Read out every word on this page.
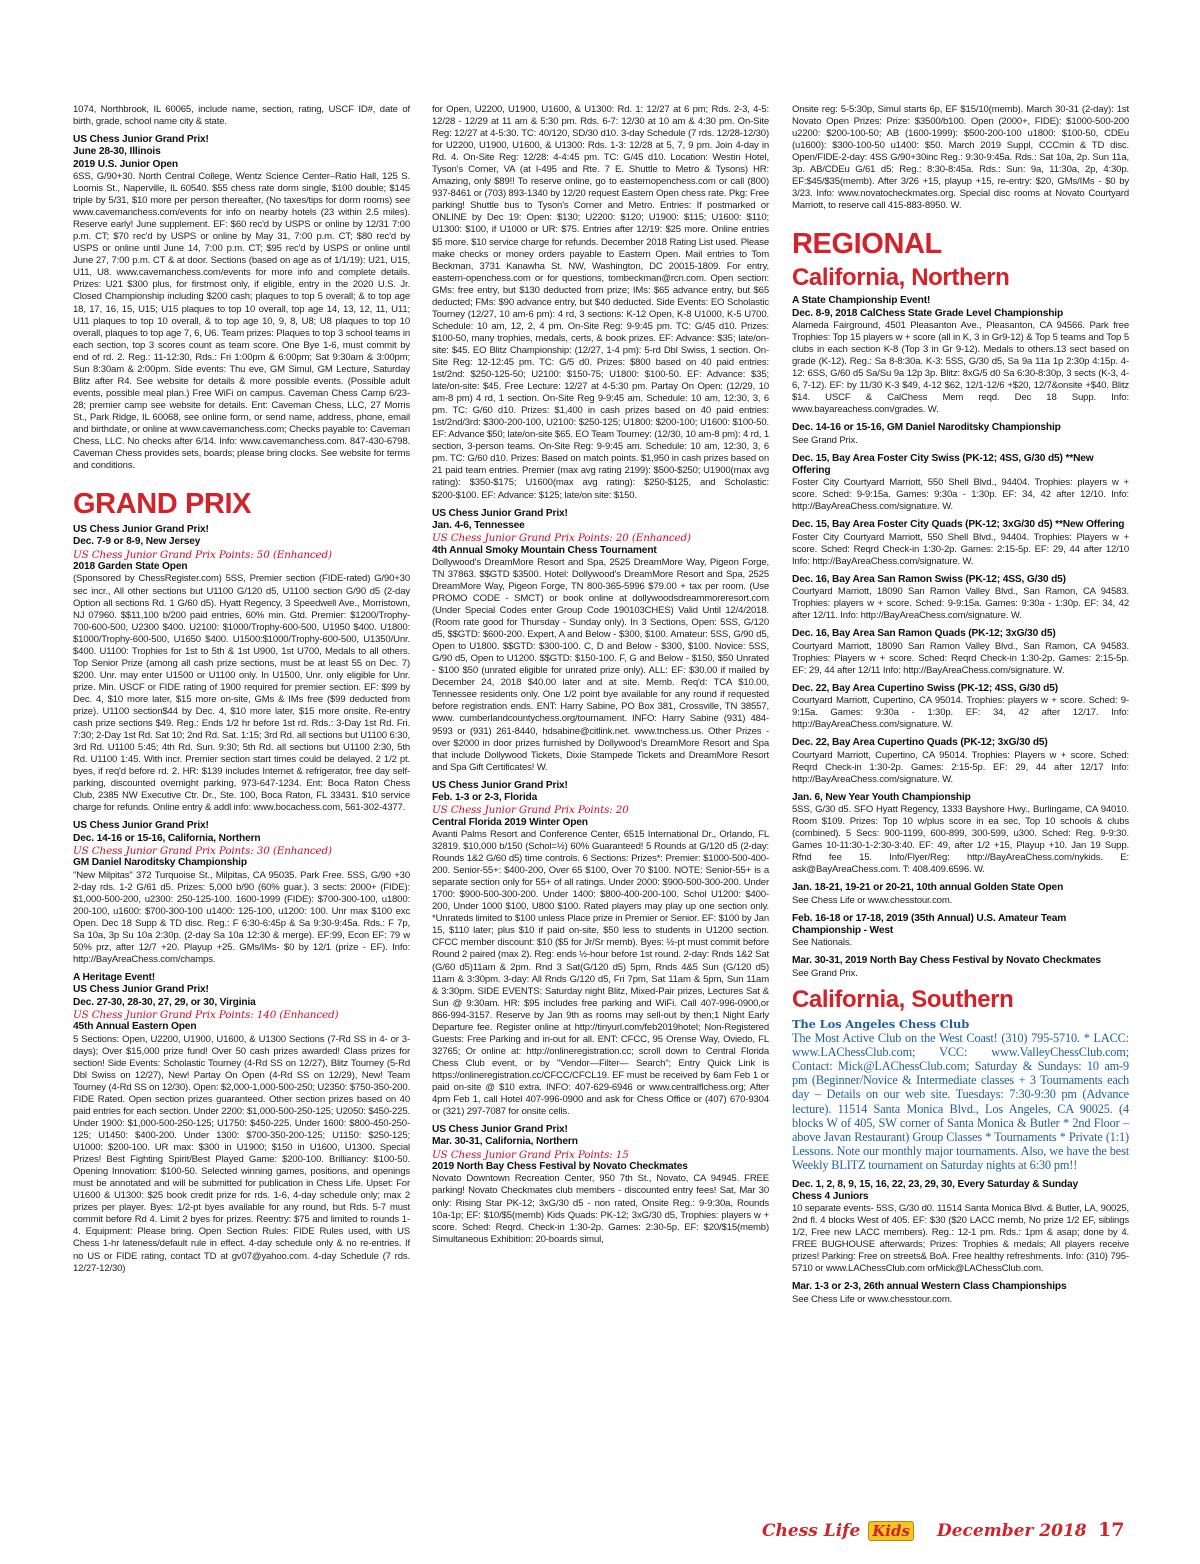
1074, Northbrook, IL 60065, include name, section, rating, USCF ID#, date of birth, grade, school name city & state.

US Chess Junior Grand Prix!
June 28-30, Illinois
2019 U.S. Junior Open

6SS, G/90+30. North Central College, Wentz Science Center–Ratio Hall, 125 S. Loomis St., Naperville, IL 60540. $55 chess rate dorm single, $100 double; $145 triple by 5/31, $10 more per person thereafter, (No taxes/tips for dorm rooms) see www.cavemanchess.com/events for info on nearby hotels (23 within 2.5 miles). Reserve early! June supplement. EF: $60 rec'd by USPS or online by 12/31 7:00 p.m. CT; $70 rec'd by USPS or online by May 31, 7:00 p.m. CT; $80 rec'd by USPS or online until June 14, 7:00 p.m. CT; $95 rec'd by USPS or online until June 27, 7:00 p.m. CT & at door. Sections (based on age as of 1/1/19): U21, U15, U11, U8. www.cavemanchess.com/events for more info and complete details. Prizes: U21 $300 plus, for firstmost only, if eligible, entry in the 2020 U.S. Jr. Closed Championship including $200 cash; plaques to top 5 overall; & to top age 18, 17, 16, 15, U15; U15 plaques to top 10 overall, top age 14, 13, 12, 11, U11; U11 plaques to top 10 overall, & to top age 10, 9, 8, U8; U8 plaques to top 10 overall, plaques to top age 7, 6, U6. Team prizes: Plaques to top 3 school teams in each section, top 3 scores count as team score. One Bye 1-6, must commit by end of rd. 2. Reg.: 11-12:30, Rds.: Fri 1:00pm & 6:00pm; Sat 9:30am & 3:00pm; Sun 8:30am & 2:00pm. Side events: Thu eve, GM Simul, GM Lecture, Saturday Blitz after R4. See website for details & more possible events. (Possible adult events, possible meal plan.) Free WiFi on campus. Caveman Chess Camp 6/23-28; premier camp see website for details. Ent: Caveman Chess, LLC, 27 Morris St., Park Ridge, IL 60068, see online form, or send name, address, phone, email and birthdate, or online at www.cavemanchess.com; Checks payable to: Caveman Chess, LLC. No checks after 6/14. Info: www.cavemanchess.com. 847-430-6798. Caveman Chess provides sets, boards; please bring clocks. See website for terms and conditions.

GRAND PRIX
US Chess Junior Grand Prix!
Dec. 7-9 or 8-9, New Jersey
US Chess Junior Grand Prix Points: 50 (Enhanced)
2018 Garden State Open

(Sponsored by ChessRegister.com) 5SS, Premier section (FIDE-rated) G/90+30 sec incr., All other sections but U1100 G/120 d5, U1100 section G/90 d5 (2-day Option all sections Rd. 1 G/60 d5). Hyatt Regency, 3 Speedwell Ave., Morristown, NJ 07960. $$11,100 b/200 paid entries, 60% min. Gtd. Premier: $1200/Trophy-700-600-500, U2300 $400. U2100: $1000/Trophy-600-500, U1950 $400. U1800: $1000/Trophy-600-500, U1650 $400. U1500:$1000/Trophy-600-500, U1350/Unr. $400. U1100: Trophies for 1st to 5th & 1st U900, 1st U700, Medals to all others. Top Senior Prize (among all cash prize sections, must be at least 55 on Dec. 7) $200. Unr. may enter U1500 or U1100 only. In U1500, Unr. only eligible for Unr. prize. Min. USCF or FIDE rating of 1900 required for premier section. EF: $99 by Dec. 4, $10 more later, $15 more on-site, GMs & IMs free ($99 deducted from prize). U1100 section$44 by Dec. 4, $10 more later, $15 more onsite. Re-entry cash prize sections $49. Reg.: Ends 1/2 hr before 1st rd. Rds.: 3-Day 1st Rd. Fri. 7:30; 2-Day 1st Rd. Sat 10; 2nd Rd. Sat. 1:15; 3rd Rd. all sections but U1100 6:30, 3rd Rd. U1100 5:45; 4th Rd. Sun. 9:30; 5th Rd. all sections but U1100 2:30, 5th Rd. U1100 1:45. With incr. Premier section start times could be delayed. 2 1/2 pt. byes, if req'd before rd. 2. HR: $139 includes Internet & refrigerator, free day self-parking, discounted overnight parking, 973-647-1234. Ent: Boca Raton Chess Club, 2385 NW Executive Ctr. Dr., Ste. 100, Boca Raton, FL 33431. $10 service charge for refunds. Online entry & addl info: www.bocachess.com, 561-302-4377.

US Chess Junior Grand Prix!
Dec. 14-16 or 15-16, California, Northern
US Chess Junior Grand Prix Points: 30 (Enhanced)
GM Daniel Naroditsky Championship

"New Milpitas" 372 Turquoise St., Milpitas, CA 95035. Park Free. 5SS, G/90 +30 2-day rds. 1-2 G/61 d5. Prizes: 5,000 b/90 (60% guar.). 3 sects: 2000+ (FIDE): $1,000-500-200, u2300: 250-125-100. 1600-1999 (FIDE): $700-300-100, u1800: 200-100, u1600: $700-300-100 u1400: 125-100, u1200: 100. Unr max $100 exc Open. Dec 18 Supp & TD disc. Reg.: F 6:30-6:45p & Sa 9:30-9:45a. Rds.: F 7p, Sa 10a, 3p Su 10a 2:30p. (2-day Sa 10a 12:30 & merge). EF:99, Econ EF: 79 w 50% prz, after 12/7 +20. Playup +25. GMs/IMs- $0 by 12/1 (prize - EF). Info: http://BayAreaChess.com/champs.

A Heritage Event!
US Chess Junior Grand Prix!
Dec. 27-30, 28-30, 27, 29, or 30, Virginia
US Chess Junior Grand Prix Points: 140 (Enhanced)
45th Annual Eastern Open

5 Sections: Open, U2200, U1900, U1600, & U1300 Sections (7-Rd SS in 4- or 3-days); Over $15,000 prize fund! Over 50 cash prizes awarded! Class prizes for section! Side Events: Scholastic Tourney (4-Rd SS on 12/27), Blitz Tourney (5-Rd Dbl Swiss on 12/27), New! Partay On Open (4-Rd SS on 12/29), New! Team Tourney (4-Rd SS on 12/30). Open: $2,000-1,000-500-250; U2350: $750-350-200. FIDE Rated. Open section prizes guaranteed. Other section prizes based on 40 paid entries for each section. Under 2200: $1,000-500-250-125; U2050: $450-225. Under 1900: $1,000-500-250-125; U1750: $450-225. Under 1600: $800-450-250-125; U1450: $400-200. Under 1300: $700-350-200-125; U1150: $250-125; U1000: $200-100. UR max: $300 in U1900; $150 in U1600, U1300. Special Prizes! Best Fighting Spirit/Best Played Game: $200-100. Brilliancy: $100-50. Opening Innovation: $100-50. Selected winning games, positions, and openings must be annotated and will be submitted for publication in Chess Life. Upset: For U1600 & U1300: $25 book credit prize for rds. 1-6, 4-day schedule only; max 2 prizes per player. Byes: 1/2-pt byes available for any round, but Rds. 5-7 must commit before Rd 4. Limit 2 byes for prizes. Reentry: $75 and limited to rounds 1-4. Equipment: Please bring. Open Section Rules: FIDE Rules used, with US Chess 1-hr lateness/default rule in effect. 4-day schedule only & no re-entries. If no US or FIDE rating, contact TD at gv07@yahoo.com. 4-day Schedule (7 rds. 12/27-12/30)

for Open, U2200, U1900, U1600, & U1300: Rd. 1: 12/27 at 6 pm; Rds. 2-3, 4-5: 12/28 - 12/29 at 11 am & 5:30 pm. Rds. 6-7: 12/30 at 10 am & 4:30 pm. On-Site Reg: 12/27 at 4-5:30. TC: 40/120, SD/30 d10. 3-day Schedule (7 rds. 12/28-12/30) for U2200, U1900, U1600, & U1300: Rds. 1-3: 12/28 at 5, 7, 9 pm. Join 4-day in Rd. 4. On-Site Reg: 12/28: 4-4:45 pm. TC: G/45 d10. Location: Westin Hotel, Tyson's Corner, VA (at I-495 and Rte. 7 E. Shuttle to Metro & Tysons) HR: Amazing, only $89!! To reserve online, go to easternopenchess.com or call (800) 937-8461 or (703) 893-1340 by 12/20 request Eastern Open chess rate. Pkg: Free parking! Shuttle bus to Tyson's Corner and Metro. Entries: If postmarked or ONLINE by Dec 19: Open: $130; U2200: $120; U1900: $115; U1600: $110; U1300: $100, if U1000 or UR: $75. Entries after 12/19: $25 more. Online entries $5 more. $10 service charge for refunds. December 2018 Rating List used. Please make checks or money orders payable to Eastern Open. Mail entries to Tom Beckman, 3731 Kanawha St. NW, Washington, DC 20015-1809. For entry, eastern-openchess.com or for questions, tombeckman@rcn.com. Open section: GMs: free entry, but $130 deducted from prize; IMs: $65 advance entry, but $65 deducted; FMs: $90 advance entry, but $40 deducted. Side Events: EO Scholastic Tourney (12/27, 10 am-6 pm): 4 rd, 3 sections: K-12 Open, K-8 U1000, K-5 U700. Schedule: 10 am, 12, 2, 4 pm. On-Site Reg: 9-9:45 pm. TC: G/45 d10. Prizes: $100-50, many trophies, medals, certs, & book prizes. EF: Advance: $35; late/on-site: $45. EO Blitz Championship: (12/27, 1-4 pm): 5-rd Dbl Swiss, 1 section. On-Site Reg: 12-12:45 pm. TC: G/5 d0. Prizes: $800 based on 40 paid entries: 1st/2nd: $250-125-50; U2100: $150-75; U1800: $100-50. EF: Advance: $35; late/on-site: $45. Free Lecture: 12/27 at 4-5:30 pm. Partay On Open: (12/29, 10 am-8 pm) 4 rd, 1 section. On-Site Reg 9-9:45 am. Schedule: 10 am, 12:30, 3, 6 pm. TC: G/60 d10. Prizes: $1,400 in cash prizes based on 40 paid entries: 1st/2nd/3rd: $300-200-100, U2100: $250-125; U1800: $200-100; U1600: $100-50. EF: Advance $50; late/on-site $65. EO Team Tourney: (12/30, 10 am-8 pm): 4 rd, 1 section, 3-person teams. On-Site Reg: 9-9:45 am. Schedule: 10 am, 12:30, 3, 6 pm. TC: G/60 d10. Prizes: Based on match points. $1,950 in cash prizes based on 21 paid team entries. Premier (max avg rating 2199): $500-$250; U1900(max avg rating): $350-$175; U1600(max avg rating): $250-$125, and Scholastic: $200-$100. EF: Advance: $125; late/on site: $150.

US Chess Junior Grand Prix!
Jan. 4-6, Tennessee
US Chess Junior Grand Prix Points: 20 (Enhanced)
4th Annual Smoky Mountain Chess Tournament

Dollywood's DreamMore Resort and Spa, 2525 DreamMore Way, Pigeon Forge, TN 37863. $$GTD $3500. Hotel: Dollywood's DreamMore Resort and Spa, 2525 DreamMore Way, Pigeon Forge, TN 800-365-5996 $79.00 + tax per room. (Use PROMO CODE - SMCT) or book online at dollywoodsdreammoreresort.com (Under Special Codes enter Group Code 190103CHES) Valid Until 12/4/2018. (Room rate good for Thursday - Sunday only). In 3 Sections, Open: 5SS, G/120 d5, $$GTD: $600-200. Expert, A and Below - $300, $100. Amateur: 5SS, G/90 d5, Open to U1800. $$GTD: $300-100. C, D and Below - $300, $100. Novice: 5SS, G/90 d5, Open to U1200. $$GTD: $150-100. F, G and Below - $150, $50 Unrated - $100 $50 (unrated eligible for unrated prize only). ALL: EF: $30.00 if mailed by December 24, 2018 $40.00 later and at site. Memb. Req'd: TCA $10.00, Tennessee residents only. One 1/2 point bye available for any round if requested before registration ends. ENT: Harry Sabine, PO Box 381, Crossville, TN 38557, www. cumberlandcountychess.org/tournament. INFO: Harry Sabine (931) 484- 9593 or (931) 261-8440, hdsabine@citlink.net. www.tnchess.us. Other Prizes - over $2000 in door prizes furnished by Dollywood's DreamMore Resort and Spa that include Dollywood Tickets, Dixie Stampede Tickets and DreamMore Resort and Spa Gift Certificates! W.

US Chess Junior Grand Prix!
Feb. 1-3 or 2-3, Florida
US Chess Junior Grand Prix Points: 20
Central Florida 2019 Winter Open

Avanti Palms Resort and Conference Center, 6515 International Dr., Orlando, FL 32819. $10,000 b/150 (Schol=½) 60% Guaranteed! 5 Rounds at G/120 d5 (2-day: Rounds 1&2 G/60 d5) time controls. 6 Sections: Prizes*: Premier: $1000-500-400-200. Senior-55+: $400-200, Over 65 $100, Over 70 $100. NOTE: Senior-55+ is a separate section only for 55+ of all ratings. Under 2000: $900-500-300-200. Under 1700: $900-500-300-200. Under 1400: $800-400-200-100. Schol U1200: $400-200, Under 1000 $100, U800 $100. Rated players may play up one section only. *Unrateds limited to $100 unless Place prize in Premier or Senior. EF: $100 by Jan 15, $110 later; plus $10 if paid on-site, $50 less to students in U1200 section. CFCC member discount: $10 ($5 for Jr/Sr memb). Byes: ½-pt must commit before Round 2 paired (max 2). Reg: ends ½-hour before 1st round. 2-day: Rnds 1&2 Sat (G/60 d5)11am & 2pm. Rnd 3 Sat(G/120 d5) 5pm, Rnds 4&5 Sun (G/120 d5) 11am & 3:30pm. 3-day: All Rnds G/120 d5, Fri 7pm, Sat 11am & 5pm, Sun 11am & 3:30pm. SIDE EVENTS: Saturday night Blitz, Mixed-Pair prizes, Lectures Sat & Sun @ 9:30am. HR: $95 includes free parking and WiFi. Call 407-996-0900,or 866-994-3157. Reserve by Jan 9th as rooms may sell-out by then;1 Night Early Departure fee. Register online at http://tinyurl.com/feb2019hotel; Non-Registered Guests: Free Parking and in-out for all. ENT: CFCC, 95 Orense Way, Oviedo, FL 32765; Or online at: http://onlineregistration.cc; scroll down to Central Florida Chess Club event, or by "Vendor—Filter— Search"; Entry Quick Link is https://onlineregistration.cc/CFCC/CFCL19. EF must be received by 6am Feb 1 or paid on-site @ $10 extra. INFO: 407-629-6946 or www.centralflchess.org; After 4pm Feb 1, call Hotel 407-996-0900 and ask for Chess Office or (407) 670-9304 or (321) 297-7087 for onsite cells.

US Chess Junior Grand Prix!
Mar. 30-31, California, Northern
US Chess Junior Grand Prix Points: 15
2019 North Bay Chess Festival by Novato Checkmates

Novato Downtown Recreation Center, 950 7th St., Novato, CA 94945. FREE parking! Novato Checkmates club members - discounted entry fees! Sat, Mar 30 only: Rising Star PK-12; 3xG/30 d5 - non rated, Onsite Reg.: 9-9:30a, Rounds 10a-1p; EF: $10/$5(memb) Kids Quads: PK-12; 3xG/30 d5, Trophies: players w + score. Sched: Reqrd. Check-in 1:30-2p. Games: 2:30-5p. EF: $20/$15(memb) Simultaneous Exhibition: 20-boards simul,

Onsite reg: 5-5:30p, Simul starts 6p, EF $15/10(memb). March 30-31 (2-day): 1st Novato Open Prizes: Prize: $3500/b100. Open (2000+, FIDE): $1000-500-200 u2200: $200-100-50; AB (1600-1999): $500-200-100 u1800: $100-50, CDEu (u1600): $300-100-50 u1400: $50. March 2019 Suppl, CCCmin & TD disc. Open/FIDE-2-day: 4SS G/90+30inc Reg.: 9:30-9:45a. Rds.: Sat 10a, 2p. Sun 11a, 3p. AB/CDEu G/61 d5: Reg.: 8:30-8:45a. Rds.: Sun: 9a, 11:30a, 2p, 4:30p. EF:$45/$35(memb). After 3/26 +15, playup +15, re-entry: $20, GMs/IMs - $0 by 3/23. Info: www.novatocheckmates.org. Special disc rooms at Novato Courtyard Marriott, to reserve call 415-883-8950. W.

REGIONAL
California, Northern
A State Championship Event!
Dec. 8-9, 2018 CalChess State Grade Level Championship

Alameda Fairground, 4501 Pleasanton Ave., Pleasanton, CA 94566. Park free Trophies: Top 15 players w + score (all in K, 3 in Gr9-12) & Top 5 teams and Top 5 clubs in each section K-8 (Top 3 in Gr 9-12). Medals to others.13 sect based on grade (K-12). Reg.: Sa 8-8:30a. K-3: 5SS, G/30 d5, Sa 9a 11a 1p 2:30p 4:15p. 4-12: 6SS, G/60 d5 Sa/Su 9a 12p 3p. Blitz: 8xG/5 d0 Sa 6:30-8:30p, 3 sects (K-3, 4-6, 7-12). EF: by 11/30 K-3 $49, 4-12 $62, 12/1-12/6 +$20, 12/7&onsite +$40. Blitz $14. USCF & CalChess Mem reqd. Dec 18 Supp. Info: www.bayareachess.com/grades. W.

Dec. 14-16 or 15-16, GM Daniel Naroditsky Championship

See Grand Prix.

Dec. 15, Bay Area Foster City Swiss (PK-12; 4SS, G/30 d5) **New Offering

Foster City Courtyard Marriott, 550 Shell Blvd., 94404. Trophies: players w + score. Sched: 9-9:15a. Games: 9:30a - 1:30p. EF: 34, 42 after 12/10. Info: http://BayAreaChess.com/signature. W.

Dec. 15, Bay Area Foster City Quads (PK-12; 3xG/30 d5) **New Offering

Foster City Courtyard Marriott, 550 Shell Blvd., 94404. Trophies: Players w + score. Sched: Reqrd Check-in 1:30-2p. Games: 2:15-5p. EF: 29, 44 after 12/10 Info: http://BayAreaChess.com/signature. W.

Dec. 16, Bay Area San Ramon Swiss (PK-12; 4SS, G/30 d5)

Courtyard Marriott, 18090 San Ramon Valley Blvd., San Ramon, CA 94583. Trophies: players w + score. Sched: 9-9:15a. Games: 9:30a - 1:30p. EF: 34, 42 after 12/11. Info: http://BayAreaChess.com/signature. W.

Dec. 16, Bay Area San Ramon Quads (PK-12; 3xG/30 d5)

Courtyard Marriott, 18090 San Ramon Valley Blvd., San Ramon, CA 94583. Trophies: Players w + score. Sched: Reqrd Check-in 1:30-2p. Games: 2:15-5p. EF: 29, 44 after 12/11 Info: http://BayAreaChess.com/signature. W.

Dec. 22, Bay Area Cupertino Swiss (PK-12; 4SS, G/30 d5)

Courtyard Marriott, Cupertino, CA 95014. Trophies: players w + score. Sched: 9-9:15a. Games: 9:30a - 1:30p. EF: 34, 42 after 12/17. Info: http://BayAreaChess.com/signature. W.

Dec. 22, Bay Area Cupertino Quads (PK-12; 3xG/30 d5)

Courtyard Marriott, Cupertino, CA 95014. Trophies: Players w + score. Sched: Reqrd Check-in 1:30-2p. Games: 2:15-5p. EF: 29, 44 after 12/17 Info: http://BayAreaChess.com/signature. W.

Jan. 6, New Year Youth Championship

5SS, G/30 d5. SFO Hyatt Regency, 1333 Bayshore Hwy., Burlingame, CA 94010. Room $109. Prizes: Top 10 w/plus score in ea sec, Top 10 schools & clubs (combined). 5 Secs: 900-1199, 600-899, 300-599, u300. Sched: Reg. 9-9:30. Games 10-11:30-1-2:30-3:40. EF: 49, after 1/2 +15, Playup +10. Jan 19 Supp. Rfnd fee 15. Info/Flyer/Reg: http://BayAreaChess.com/nykids. E: ask@BayAreaChess.com. T: 408.409.6596. W.

Jan. 18-21, 19-21 or 20-21, 10th annual Golden State Open

See Chess Life or www.chesstour.com.

Feb. 16-18 or 17-18, 2019 (35th Annual) U.S. Amateur Team Championship - West

See Nationals.

Mar. 30-31, 2019 North Bay Chess Festival by Novato Checkmates

See Grand Prix.

California, Southern
The Los Angeles Chess Club

The Most Active Club on the West Coast! (310) 795-5710. * LACC: www.LAChessClub.com; VCC: www.ValleyChessClub.com; Contact: Mick@LAChessClub.com; Saturday & Sundays: 10 am-9 pm (Beginner/Novice & Intermediate classes + 3 Tournaments each day – Details on our web site. Tuesdays: 7:30-9:30 pm (Advance lecture). 11514 Santa Monica Blvd., Los Angeles, CA 90025. (4 blocks W of 405, SW corner of Santa Monica & Butler * 2nd Floor – above Javan Restaurant) Group Classes * Tournaments * Private (1:1) Lessons. Note our monthly major tournaments. Also, we have the best Weekly BLITZ tournament on Saturday nights at 6:30 pm!!

Dec. 1, 2, 8, 9, 15, 16, 22, 23, 29, 30, Every Saturday & Sunday
Chess 4 Juniors

10 separate events- 5SS, G/30 d0. 11514 Santa Monica Blvd. & Butler, LA, 90025, 2nd fl. 4 blocks West of 405. EF: $30 ($20 LACC memb, No prize 1/2 EF, siblings 1/2, Free new LACC members). Reg.: 12-1 pm. Rds.: 1pm & asap; done by 4. FREE BUGHOUSE afterwards; Prizes: Trophies & medals; All players receive prizes! Parking: Free on streets& BoA. Free healthy refreshments. Info: (310) 795-5710 or www.LAChessClub.com orMick@LAChessClub.com.

Mar. 1-3 or 2-3, 26th annual Western Class Championships

See Chess Life or www.chesstour.com.

Chess Life Kids December 2018 17
